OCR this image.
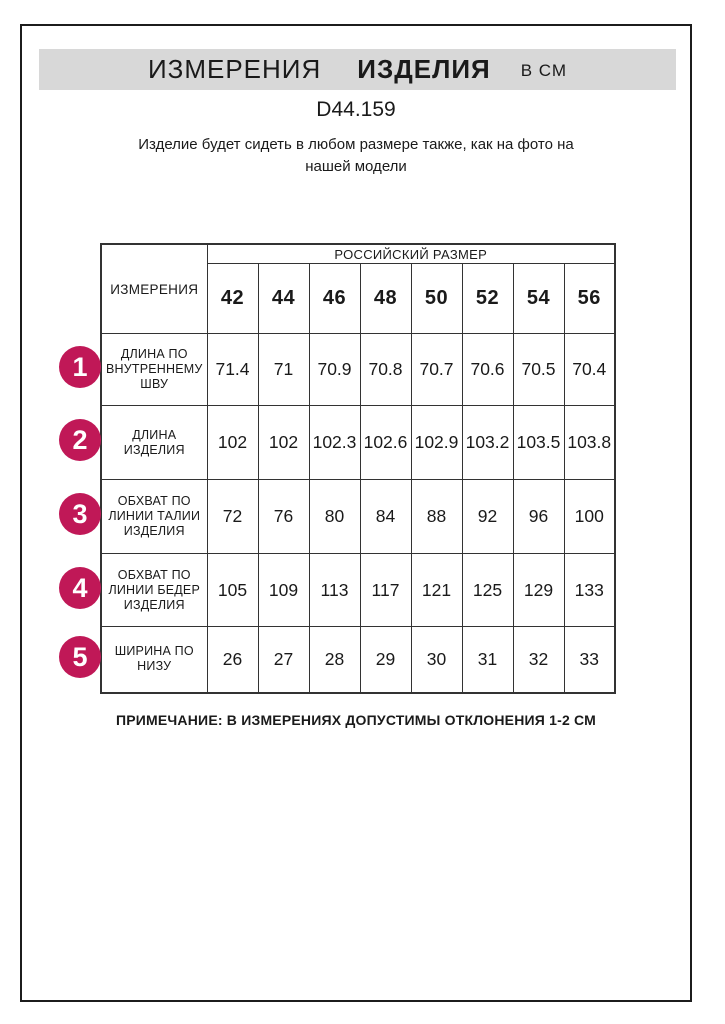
ИЗМЕРЕНИЯ ИЗДЕЛИЯ В СМ
D44.159
Изделие будет сидеть в любом размере также, как на фото на
нашей модели
ИЗМЕРЕНИЯ	РОССИЙСКИЙ РАЗМЕР							
	42	44	46	48	50	52	54	56
ДЛИНА ПО ВНУТРЕННЕМУ ШВУ	71.4	71	70.9	70.8	70.7	70.6	70.5	70.4
ДЛИНА ИЗДЕЛИЯ	102	102	102.3	102.6	102.9	103.2	103.5	103.8
ОБХВАТ ПО ЛИНИИ ТАЛИИ ИЗДЕЛИЯ	72	76	80	84	88	92	96	100
ОБХВАТ ПО ЛИНИИ БЕДЕР ИЗДЕЛИЯ	105	109	113	117	121	125	129	133
ШИРИНА ПО НИЗУ	26	27	28	29	30	31	32	33
1
2
3
4
5
ПРИМЕЧАНИЕ: В ИЗМЕРЕНИЯХ ДОПУСТИМЫ ОТКЛОНЕНИЯ 1-2 СМ
